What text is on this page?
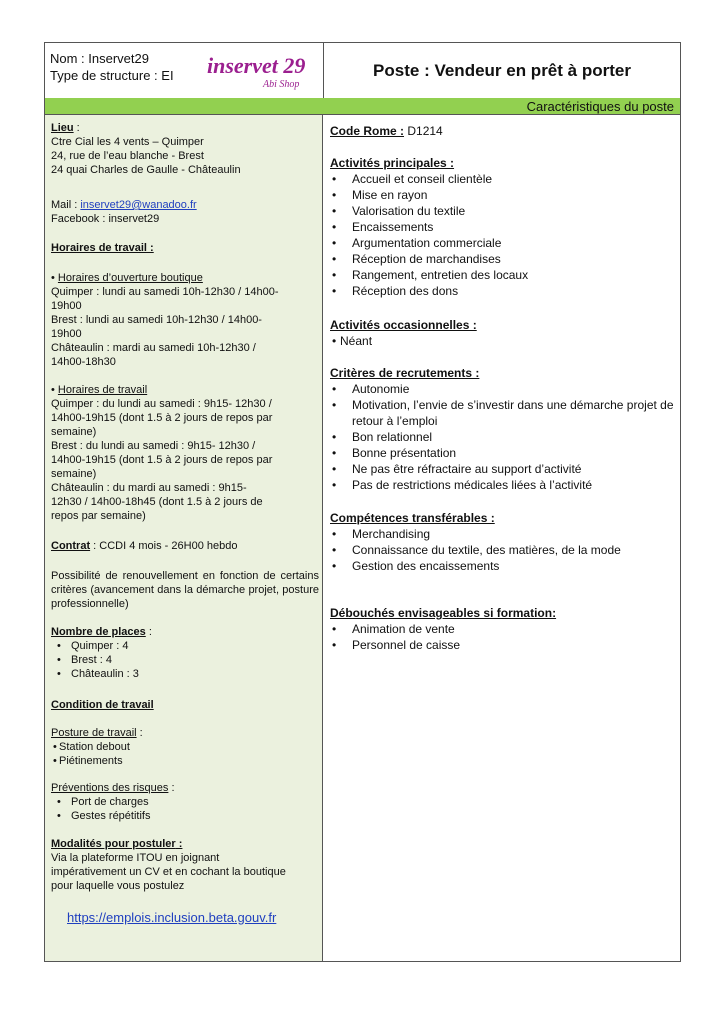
Nom : Inservet29
Type de structure : EI inservet 29
Abi Shop
Poste : Vendeur en prêt à porter
Caractéristiques du poste
Lieu :
Ctre Cial les 4 vents – Quimper
24, rue de l’eau blanche - Brest
24 quai Charles de Gaulle - Châteaulin
Mail : inservet29@wanadoo.fr
Facebook : inservet29
Horaires de travail :
• Horaires d’ouverture boutique
Quimper : lundi au samedi 10h-12h30 / 14h00-
19h00
Brest : lundi au samedi 10h-12h30 / 14h00-
19h00
Châteaulin : mardi au samedi 10h-12h30 /
14h00-18h30
• Horaires de travail
Quimper : du lundi au samedi : 9h15- 12h30 /
14h00-19h15 (dont 1.5 à 2 jours de repos par
semaine)
Brest : du lundi au samedi : 9h15- 12h30 /
14h00-19h15 (dont 1.5 à 2 jours de repos par
semaine)
Châteaulin : du mardi au samedi : 9h15-
12h30 / 14h00-18h45 (dont 1.5 à 2 jours de
repos par semaine)
Contrat : CCDI 4 mois - 26H00 hebdo
Possibilité de renouvellement en fonction de certains critères (avancement dans la démarche projet, posture professionnelle)
Nombre de places :
• Quimper : 4
• Brest : 4
• Châteaulin : 3
Condition de travail
Posture de travail :
• Station debout
• Piétinements
Préventions des risques :
• Port de charges
• Gestes répétitifs
Modalités pour postuler :
Via la plateforme ITOU en joignant
impérativement un CV et en cochant la boutique
pour laquelle vous postulez
https://emplois.inclusion.beta.gouv.fr
Code Rome : D1214
Activités principales :
• Accueil et conseil clientèle
• Mise en rayon
• Valorisation du textile
• Encaissements
• Argumentation commerciale
• Réception de marchandises
• Rangement, entretien des locaux
• Réception des dons
Activités occasionnelles :
• Néant
Critères de recrutements :
• Autonomie
• Motivation, l’envie de s’investir dans une démarche projet de retour à l’emploi
• Bon relationnel
• Bonne présentation
• Ne pas être réfractaire au support d’activité
• Pas de restrictions médicales liées à l’activité
Compétences transférables :
• Merchandising
• Connaissance du textile, des matières, de la mode
• Gestion des encaissements
Débouchés envisageables si formation:
• Animation de vente
• Personnel de caisse
